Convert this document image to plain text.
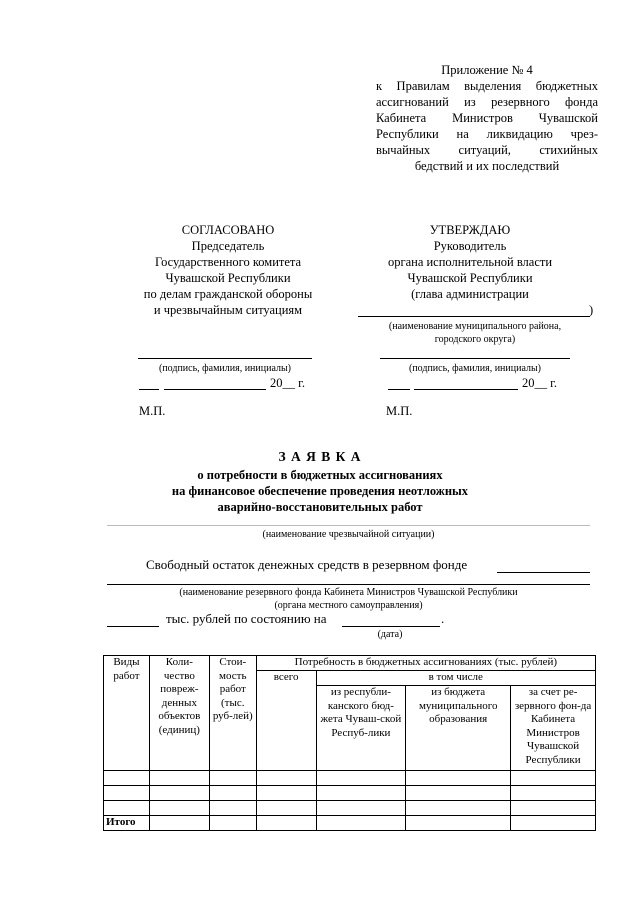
Приложение № 4
к Правилам выделения бюджетных
ассигнований из резервного фонда
Кабинета Министров Чувашской
Республики на ликвидацию чрез-
вычайных ситуаций, стихийных
бедствий и их последствий
СОГЛАСОВАНО
Председатель
Государственного комитета
Чувашской Республики
по делам гражданской обороны
и чрезвычайным ситуациям
(подпись, фамилия, инициалы)
20__ г.
М.П.
УТВЕРЖДАЮ
Руководитель
органа исполнительной власти
Чувашской Республики
(глава администрации
)
(наименование муниципального района,
городского округа)
(подпись, фамилия, инициалы)
20__ г.
М.П.
З А Я В К А
о потребности в бюджетных ассигнованиях
на финансовое обеспечение проведения неотложных
аварийно-восстановительных работ
(наименование чрезвычайной ситуации)
Свободный остаток денежных средств в резервном фонде
(наименование резервного фонда Кабинета Министров Чувашской Республики
(органа местного самоуправления)
тыс. рублей по состоянию на	.
(дата)
Виды работ	Коли-чество повреж-денных объектов (единиц)	Стои-мость работ (тыс. руб-лей)	Потребность в бюджетных ассигнованиях (тыс. рублей)			
			всего	в том числе		
				из республи-канского бюд-жета Чуваш-ской Респуб-лики	из бюджета муниципального образования	за счет ре-зервного фон-да Кабинета Министров Чувашской Республики

Итого						
